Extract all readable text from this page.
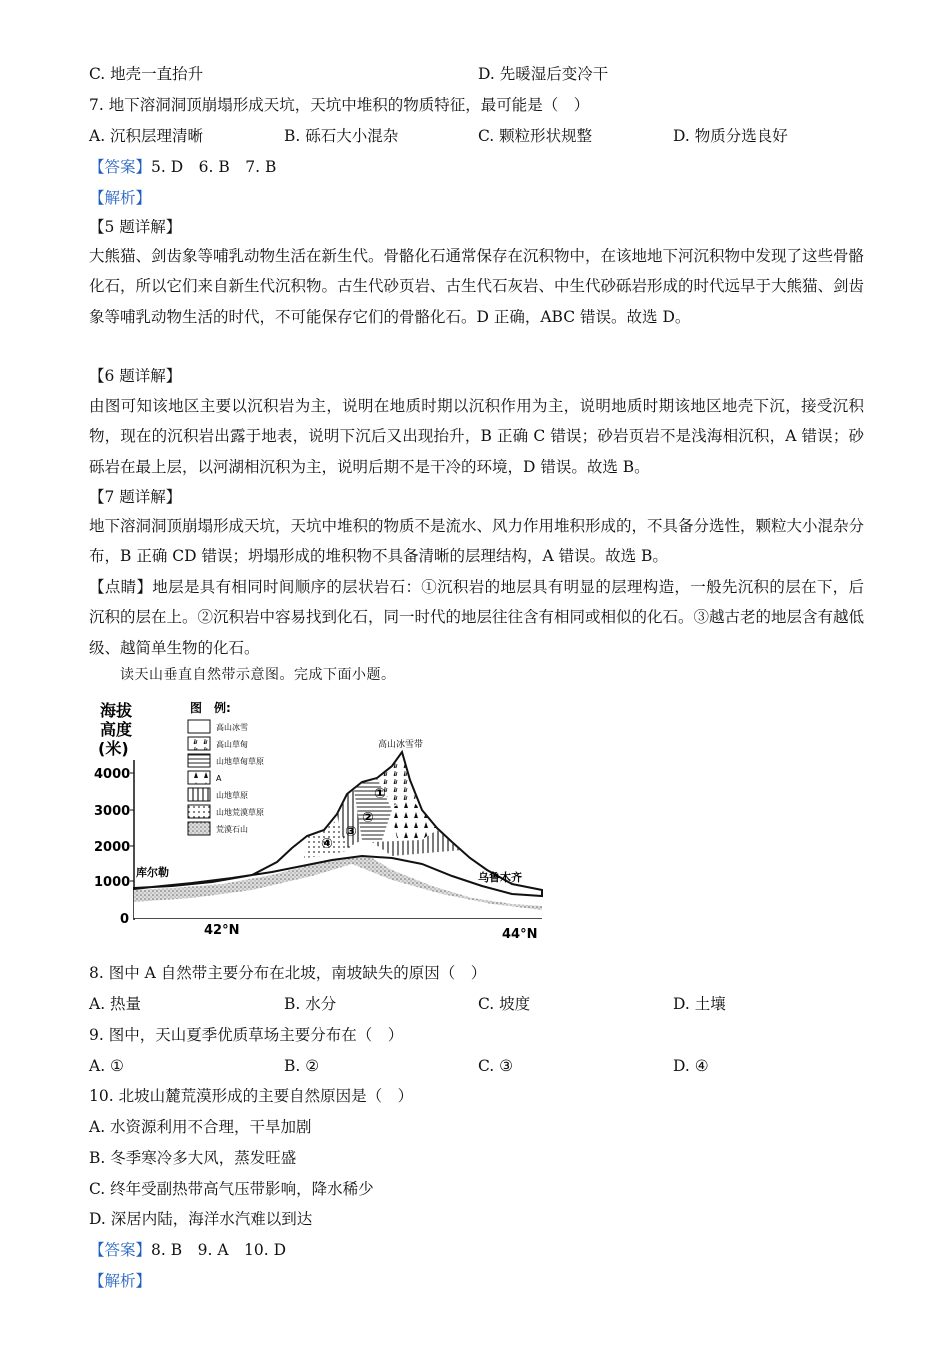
C. 地壳一直抬升	D. 先暖湿后变冷干
7. 地下溶洞洞顶崩塌形成天坑，天坑中堆积的物质特征，最可能是（　）
A. 沉积层理清晰	B. 砾石大小混杂	C. 颗粒形状规整	D. 物质分选良好
【答案】5. D　6. B　7. B
【解析】
【5 题详解】
大熊猫、剑齿象等哺乳动物生活在新生代。骨骼化石通常保存在沉积物中，在该地地下河沉积物中发现了这些骨骼化石，所以它们来自新生代沉积物。古生代砂页岩、古生代石灰岩、中生代砂砾岩形成的时代远早于大熊猫、剑齿象等哺乳动物生活的时代，不可能保存它们的骨骼化石。D 正确，ABC 错误。故选 D。
【6 题详解】
由图可知该地区主要以沉积岩为主，说明在地质时期以沉积作用为主，说明地质时期该地区地壳下沉，接受沉积物，现在的沉积岩出露于地表，说明下沉后又出现抬升，B 正确 C 错误；砂岩页岩不是浅海相沉积，A 错误；砂砾岩在最上层，以河湖相沉积为主，说明后期不是干冷的环境，D 错误。故选 B。
【7 题详解】
地下溶洞洞顶崩塌形成天坑，天坑中堆积的物质不是流水、风力作用堆积形成的，不具备分选性，颗粒大小混杂分布，B 正确 CD 错误；坍塌形成的堆积物不具备清晰的层理结构，A 错误。故选 B。
【点睛】地层是具有相同时间顺序的层状岩石：①沉积岩的地层具有明显的层理构造，一般先沉积的层在下，后沉积的层在上。②沉积岩中容易找到化石，同一时代的地层往往含有相同或相似的化石。③越古老的地层含有越低级、越简单生物的化石。
读天山垂直自然带示意图。完成下面小题。
海拔
高度
(米)
4000
3000
2000
1000
0
42°N	44°N
④
③
②
①
高山冰雪带
库尔勒	乌鲁木齐
图　例:
高山冰雪
高山草甸
山地草甸草原
A
山地草原
山地荒漠草原
荒漠石山
8. 图中 A 自然带主要分布在北坡，南坡缺失的原因（　）
A. 热量	B. 水分	C. 坡度	D. 土壤
9. 图中，天山夏季优质草场主要分布在（　）
A. ①	B. ②	C. ③	D. ④
10. 北坡山麓荒漠形成的主要自然原因是（　）
A. 水资源利用不合理，干旱加剧
B. 冬季寒冷多大风，蒸发旺盛
C. 终年受副热带高气压带影响，降水稀少
D. 深居内陆，海洋水汽难以到达
【答案】8. B　9. A　10. D
【解析】
